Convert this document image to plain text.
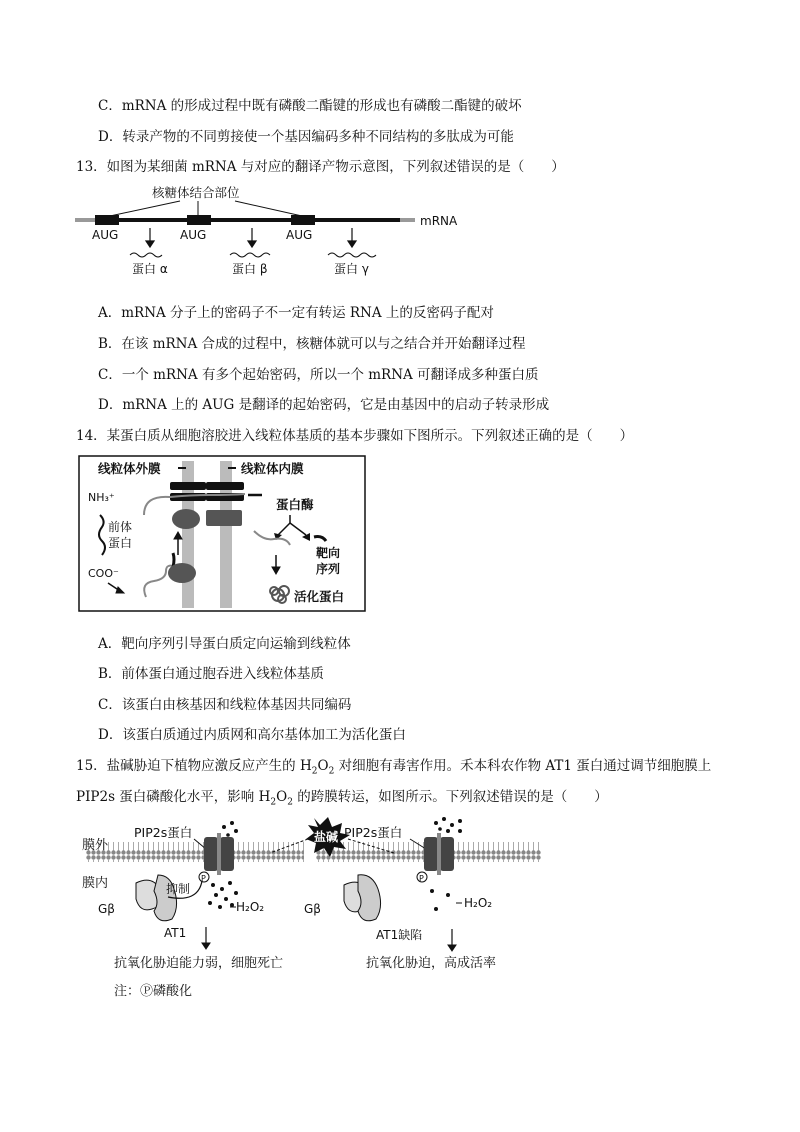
C．mRNA 的形成过程中既有磷酸二酯键的形成也有磷酸二酯键的破坏
D．转录产物的不同剪接使一个基因编码多种不同结构的多肽成为可能
13．如图为某细菌 mRNA 与对应的翻译产物示意图，下列叙述错误的是（　　）
核糖体结合部位
mRNA
AUG	AUG	AUG
蛋白 α	蛋白 β	蛋白 γ
A．mRNA 分子上的密码子不一定有转运 RNA 上的反密码子配对
B．在该 mRNA 合成的过程中，核糖体就可以与之结合并开始翻译过程
C．一个 mRNA 有多个起始密码，所以一个 mRNA 可翻译成多种蛋白质
D．mRNA 上的 AUG 是翻译的起始密码，它是由基因中的启动子转录形成
14．某蛋白质从细胞溶胶进入线粒体基质的基本步骤如下图所示。下列叙述正确的是（　　）
线粒体外膜	线粒体内膜
NH₃⁺
前体
蛋白
COO⁻
蛋白酶
靶向
序列
活化蛋白
A．靶向序列引导蛋白质定向运输到线粒体
B．前体蛋白通过胞吞进入线粒体基质
C．该蛋白由核基因和线粒体基因共同编码
D．该蛋白质通过内质网和高尔基体加工为活化蛋白
15．盐碱胁迫下植物应激反应产生的 $H_2O_2$ 对细胞有毒害作用。禾本科农作物 AT1 蛋白通过调节细胞膜上
PIP2s 蛋白磷酸化水平，影响 $H_2O_2$ 的跨膜转运，如图所示。下列叙述错误的是（　　）
膜外
膜内
盐碱
PIP2s蛋白
P
H₂O₂
Gβ
AT1
抑制
抗氧化胁迫能力弱，细胞死亡
注：Ⓟ磷酸化
PIP2s蛋白
P
H₂O₂
Gβ
AT1缺陷
抗氧化胁迫，高成活率
